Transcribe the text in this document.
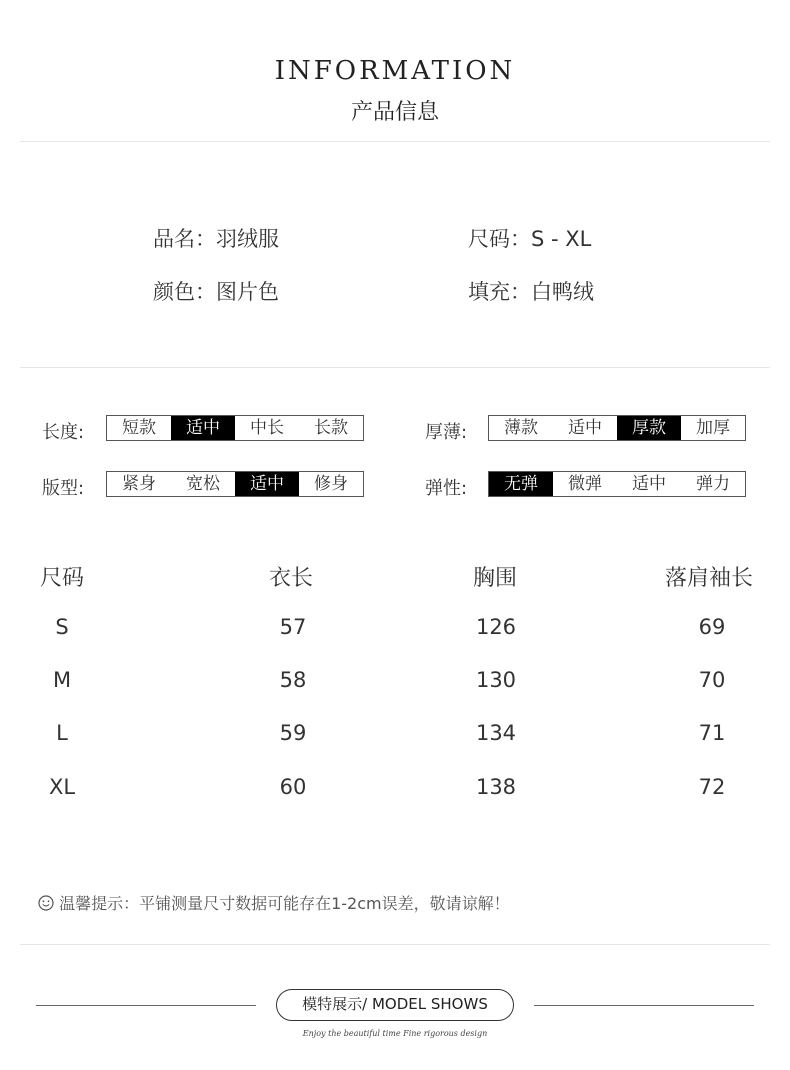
INFORMATION
产品信息
品名：羽绒服	尺码：S - XL
颜色：图片色	填充：白鸭绒
长度:	短款	适中	中长	长款	厚薄:	薄款	适中	厚款	加厚
版型:	紧身	宽松	适中	修身	弹性:	无弹	微弹	适中	弹力
尺码	衣长	胸围	落肩袖长
S	57	126	69
M	58	130	70
L	59	134	71
XL	60	138	72
温馨提示：平铺测量尺寸数据可能存在1-2cm误差，敬请谅解！
模特展示/ MODEL SHOWS
Enjoy the beautiful time Fine rigorous design
